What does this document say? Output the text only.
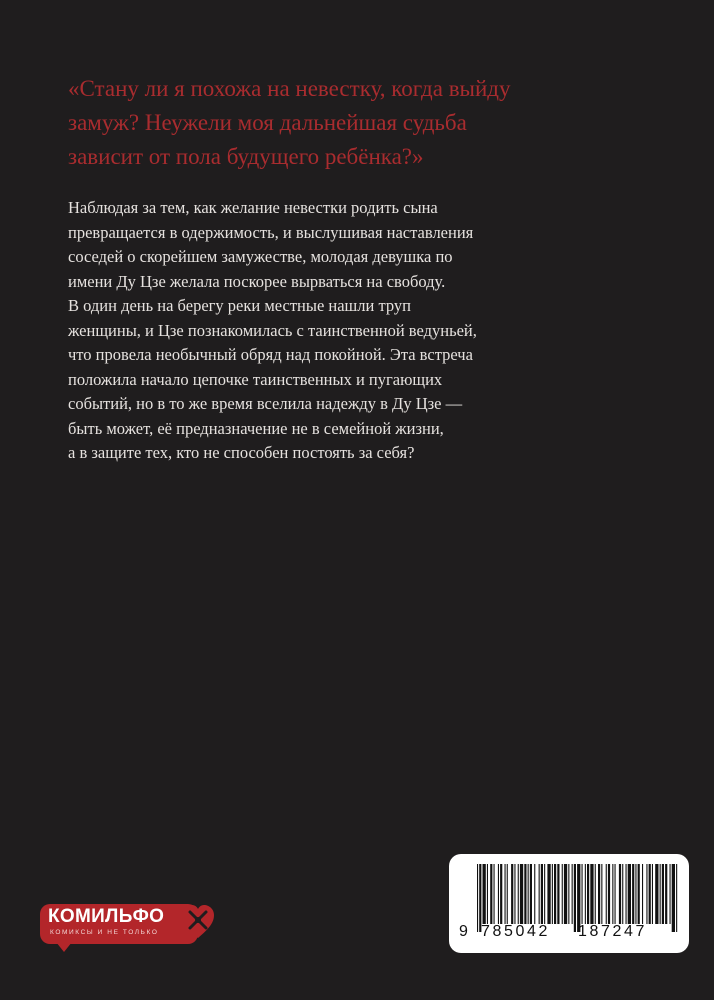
«Стану ли я похожа на невестку, когда выйду
замуж? Неужели моя дальнейшая судьба
зависит от пола будущего ребёнка?»
Наблюдая за тем, как желание невестки родить сына
превращается в одержимость, и выслушивая наставления
соседей о скорейшем замужестве, молодая девушка по
имени Ду Цзе желала поскорее вырваться на свободу.
В один день на берегу реки местные нашли труп
женщины, и Цзе познакомилась с таинственной ведуньей,
что провела необычный обряд над покойной. Эта встреча
положила начало цепочке таинственных и пугающих
событий, но в то же время вселила надежду в Ду Цзе —
быть может, её предназначение не в семейной жизни,
а в защите тех, кто не способен постоять за себя?
КОМИЛЬФО
КОМИКСЫ И НЕ ТОЛЬКО	9 785042 187247
